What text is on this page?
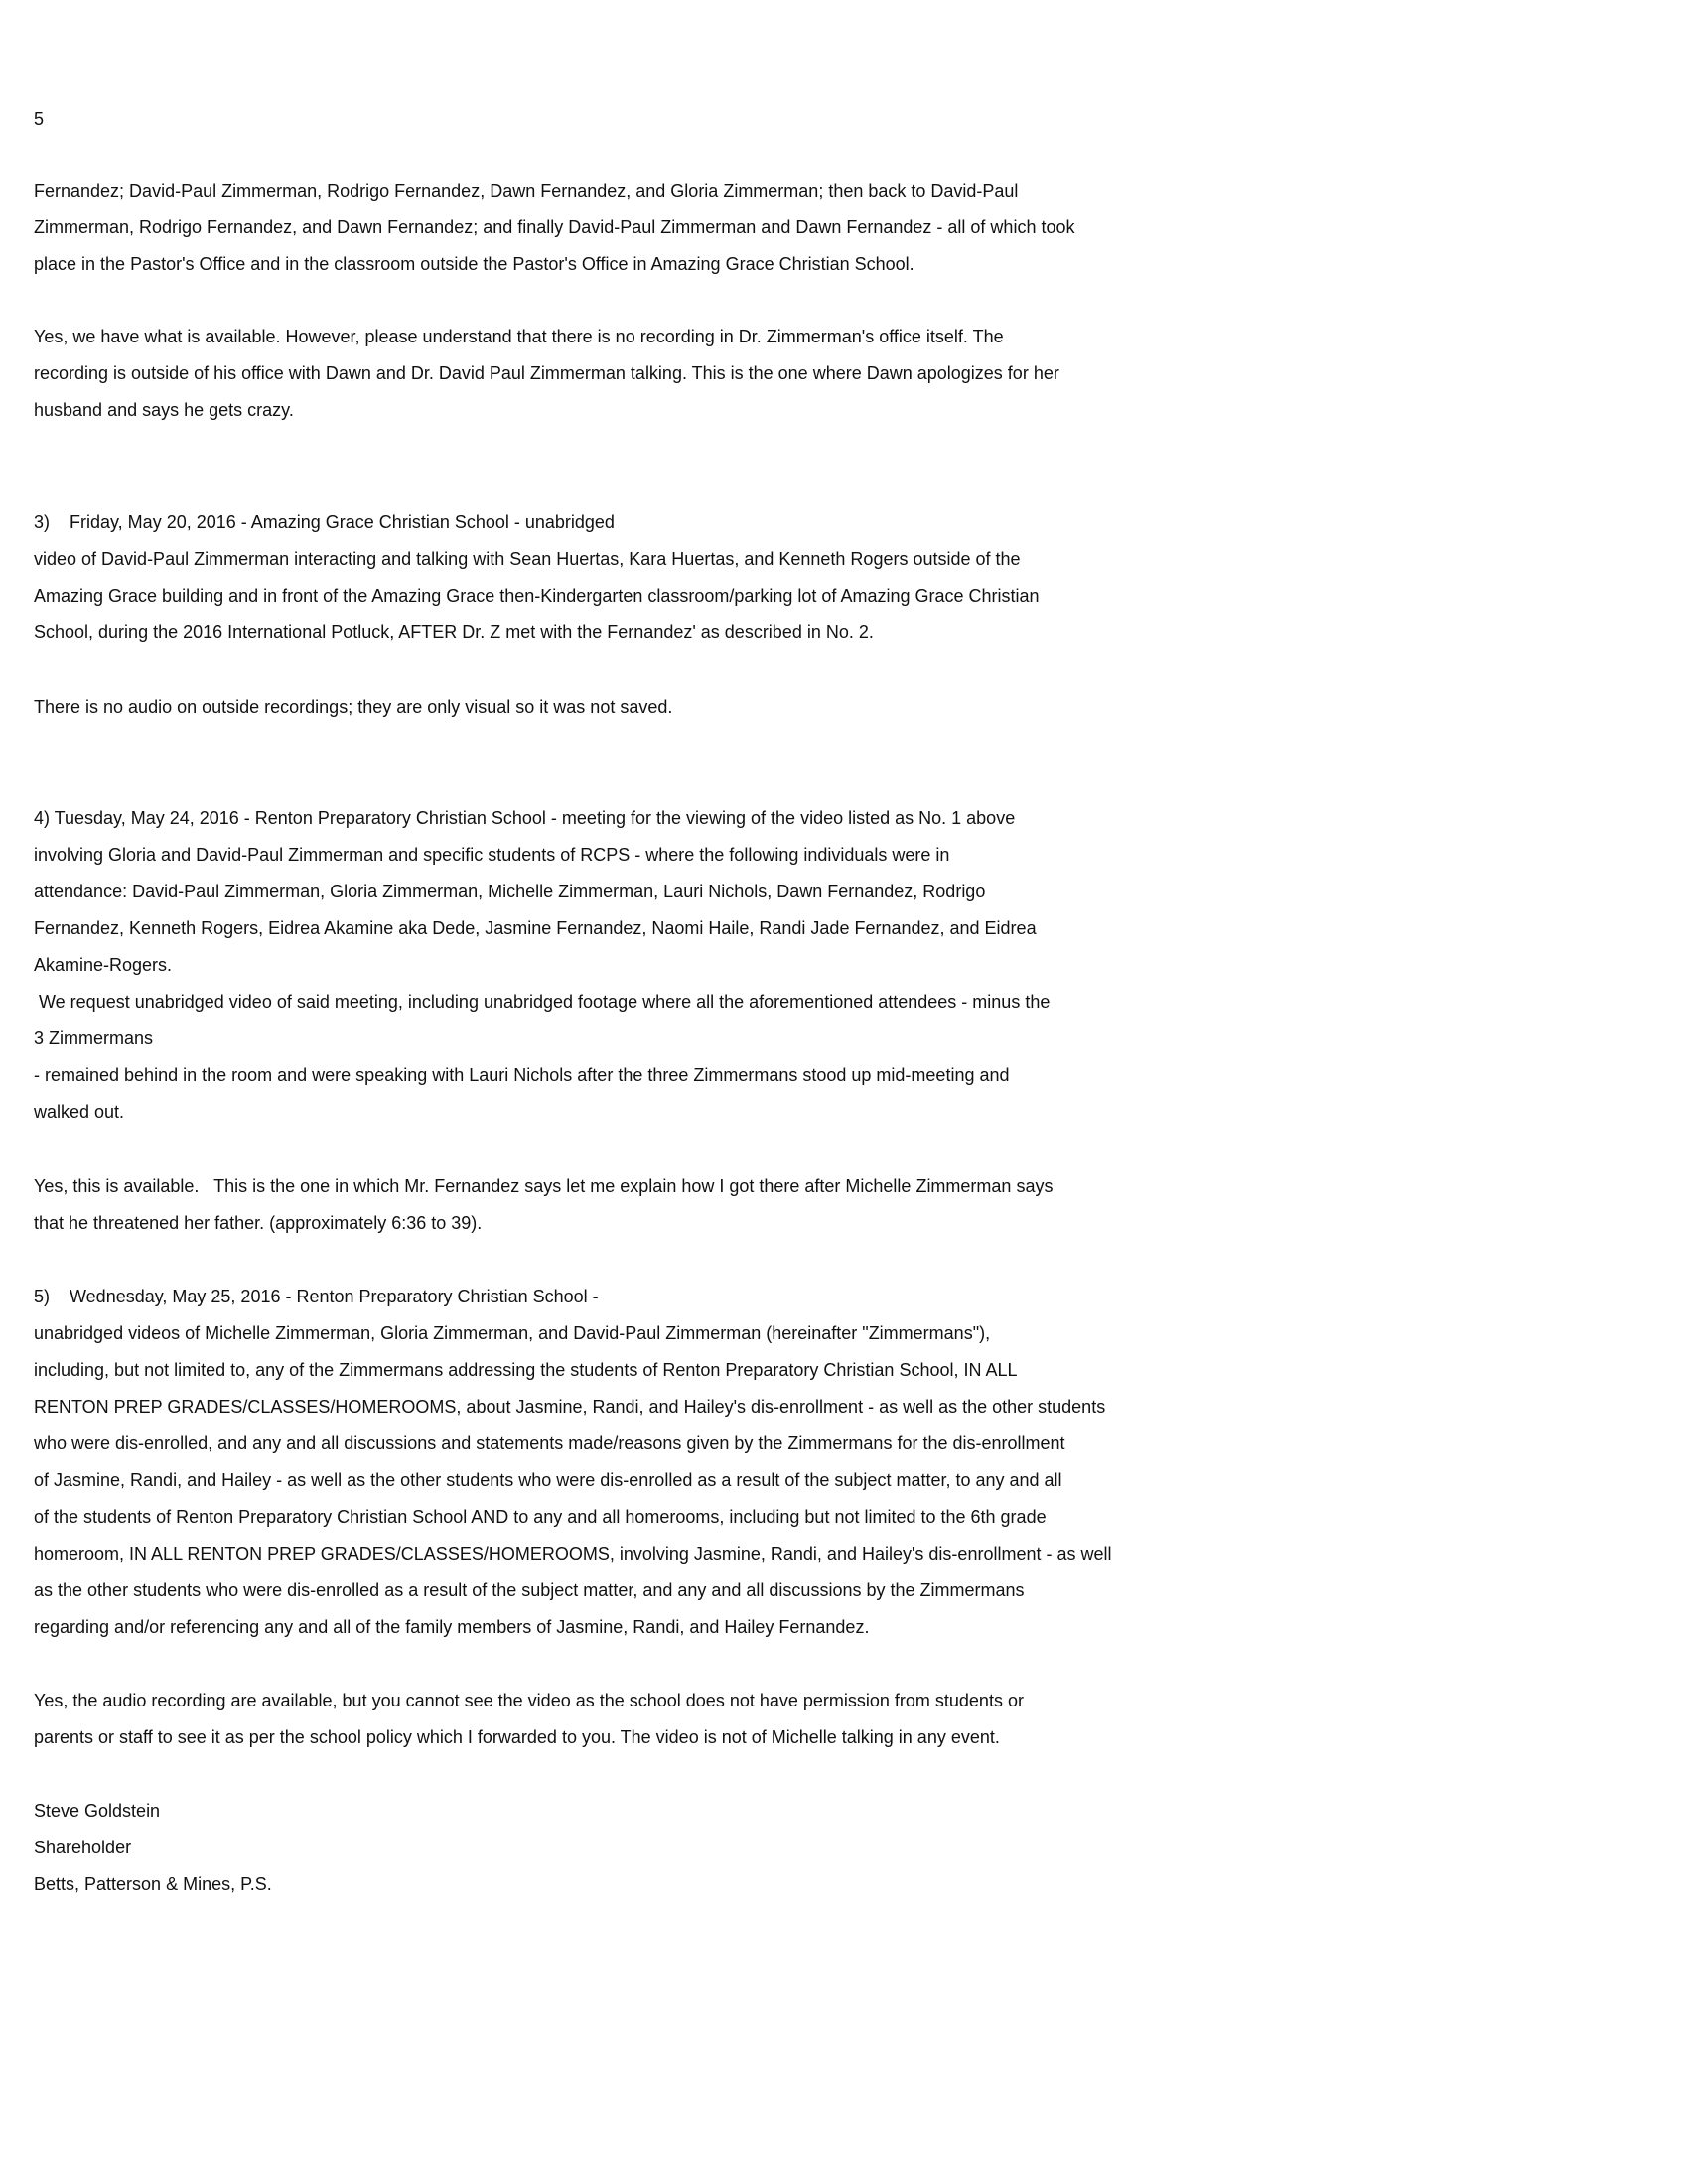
5
Fernandez; David-Paul Zimmerman, Rodrigo Fernandez, Dawn Fernandez, and Gloria Zimmerman; then back to David-Paul
Zimmerman, Rodrigo Fernandez, and Dawn Fernandez; and finally David-Paul Zimmerman and Dawn Fernandez - all of which took
place in the Pastor's Office and in the classroom outside the Pastor's Office in Amazing Grace Christian School.
Yes, we have what is available. However, please understand that there is no recording in Dr. Zimmerman's office itself. The
recording is outside of his office with Dawn and Dr. David Paul Zimmerman talking. This is the one where Dawn apologizes for her
husband and says he gets crazy.
3)    Friday, May 20, 2016 - Amazing Grace Christian School - unabridged
video of David-Paul Zimmerman interacting and talking with Sean Huertas, Kara Huertas, and Kenneth Rogers outside of the
Amazing Grace building and in front of the Amazing Grace then-Kindergarten classroom/parking lot of Amazing Grace Christian
School, during the 2016 International Potluck, AFTER Dr. Z met with the Fernandez' as described in No. 2.
There is no audio on outside recordings; they are only visual so it was not saved.
4) Tuesday, May 24, 2016 - Renton Preparatory Christian School - meeting for the viewing of the video listed as No. 1 above
involving Gloria and David-Paul Zimmerman and specific students of RCPS - where the following individuals were in
attendance: David-Paul Zimmerman, Gloria Zimmerman, Michelle Zimmerman, Lauri Nichols, Dawn Fernandez, Rodrigo
Fernandez, Kenneth Rogers, Eidrea Akamine aka Dede, Jasmine Fernandez, Naomi Haile, Randi Jade Fernandez, and Eidrea
Akamine-Rogers.
We request unabridged video of said meeting, including unabridged footage where all the aforementioned attendees - minus the
3 Zimmermans
- remained behind in the room and were speaking with Lauri Nichols after the three Zimmermans stood up mid-meeting and
walked out.
Yes, this is available.   This is the one in which Mr. Fernandez says let me explain how I got there after Michelle Zimmerman says
that he threatened her father. (approximately 6:36 to 39).
5)    Wednesday, May 25, 2016 - Renton Preparatory Christian School -
unabridged videos of Michelle Zimmerman, Gloria Zimmerman, and David-Paul Zimmerman (hereinafter "Zimmermans"),
including, but not limited to, any of the Zimmermans addressing the students of Renton Preparatory Christian School, IN ALL
RENTON PREP GRADES/CLASSES/HOMEROOMS, about Jasmine, Randi, and Hailey's dis-enrollment - as well as the other students
who were dis-enrolled, and any and all discussions and statements made/reasons given by the Zimmermans for the dis-enrollment
of Jasmine, Randi, and Hailey - as well as the other students who were dis-enrolled as a result of the subject matter, to any and all
of the students of Renton Preparatory Christian School AND to any and all homerooms, including but not limited to the 6th grade
homeroom, IN ALL RENTON PREP GRADES/CLASSES/HOMEROOMS, involving Jasmine, Randi, and Hailey's dis-enrollment - as well
as the other students who were dis-enrolled as a result of the subject matter, and any and all discussions by the Zimmermans
regarding and/or referencing any and all of the family members of Jasmine, Randi, and Hailey Fernandez.
Yes, the audio recording are available, but you cannot see the video as the school does not have permission from students or
parents or staff to see it as per the school policy which I forwarded to you. The video is not of Michelle talking in any event.
Steve Goldstein
Shareholder
Betts, Patterson & Mines, P.S.
